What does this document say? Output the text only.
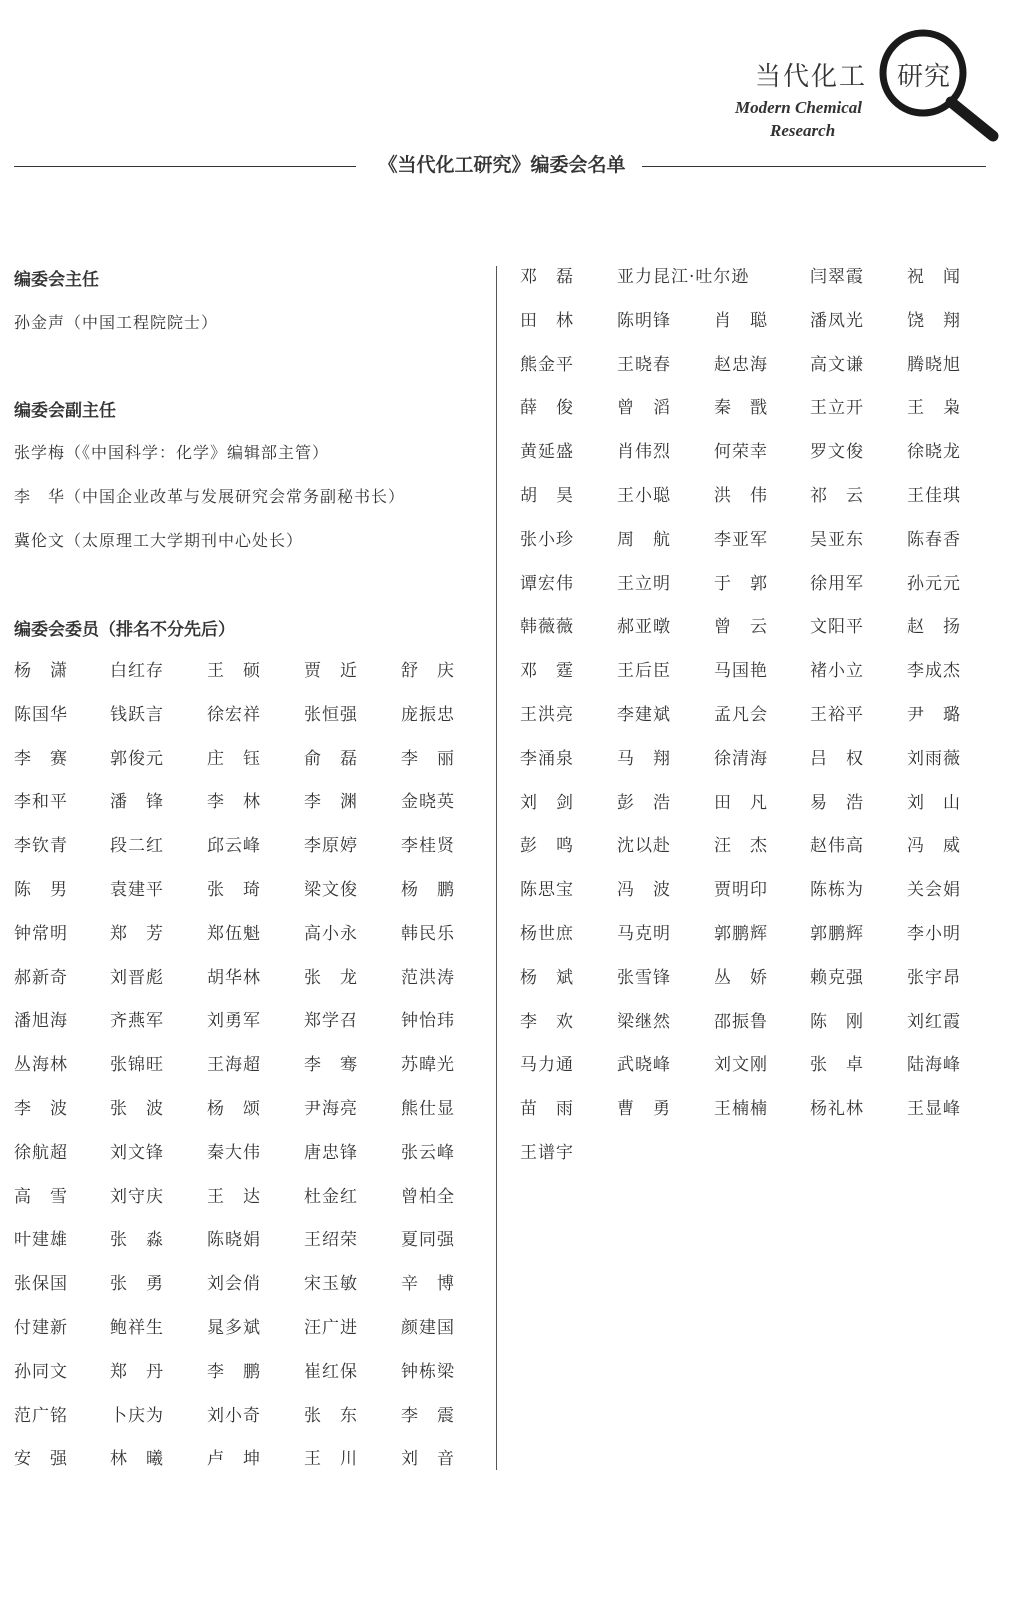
当代化工 研究
Modern Chemical
Research
《当代化工研究》编委会名单
编委会主任
孙金声（中国工程院院士）
编委会副主任
张学梅（《中国科学：化学》编辑部主管）
李　华（中国企业改革与发展研究会常务副秘书长）
冀伦文（太原理工大学期刊中心处长）
编委会委员（排名不分先后）
杨　潇 白红存	王　硕	贾　近	舒　庆
陈国华 钱跃言	徐宏祥	张恒强	庞振忠
李　赛 郭俊元	庄　钰	俞　磊	李　丽
李和平 潘　锋	李　林	李　渊	金晓英
李钦青 段二红	邱云峰	李原婷	李桂贤
陈　男 袁建平	张　琦	梁文俊	杨　鹏
钟常明 郑　芳	郑伍魁	高小永	韩民乐
郝新奇 刘晋彪	胡华林	张　龙	范洪涛
潘旭海 齐燕军	刘勇军	郑学召	钟怡玮
丛海林 张锦旺	王海超	李　骞	苏暐光
李　波 张　波	杨　颂	尹海亮	熊仕显
徐航超 刘文锋	秦大伟	唐忠锋	张云峰
高　雪 刘守庆	王　达	杜金红	曾柏全
叶建雄 张　淼	陈晓娟	王绍荣	夏同强
张保国 张　勇	刘会俏	宋玉敏	辛　博
付建新 鲍祥生	晁多斌	汪广进	颜建国
孙同文 郑　丹	李　鹏	崔红保	钟栋梁
范广铭 卜庆为	刘小奇	张　东	李　震
安　强 林　曦	卢　坤	王　川	刘　音
邓　磊	亚力昆江·吐尔逊	闫翠霞	祝　闻
田　林	陈明锋	肖　聪 潘凤光	饶　翔
熊金平	王晓春	赵忠海 高文谦	腾晓旭
薛　俊	曾　滔	秦　戬 王立开	王　枭
黄延盛	肖伟烈	何荣幸 罗文俊	徐晓龙
胡　昊	王小聪	洪　伟 祁　云	王佳琪
张小珍	周　航	李亚军 吴亚东	陈春香
谭宏伟	王立明	于　郭 徐用军	孙元元
韩薇薇	郝亚暾	曾　云 文阳平	赵　扬
邓　霆	王后臣	马国艳 褚小立	李成杰
王洪亮	李建斌	孟凡会 王裕平	尹　璐
李涌泉	马　翔	徐清海 吕　权	刘雨薇
刘　剑	彭　浩	田　凡 易　浩	刘　山
彭　鸣	沈以赴	汪　杰 赵伟高	冯　威
陈思宝	冯　波	贾明印 陈栋为	关会娟
杨世庶	马克明	郭鹏辉 郭鹏辉	李小明
杨　斌	张雪锋	丛　娇 赖克强	张宇昂
李　欢	梁继然	邵振鲁 陈　刚	刘红霞
马力通	武晓峰	刘文刚 张　卓	陆海峰
苗　雨	曹　勇	王楠楠 杨礼林	王显峰
王谱宇
